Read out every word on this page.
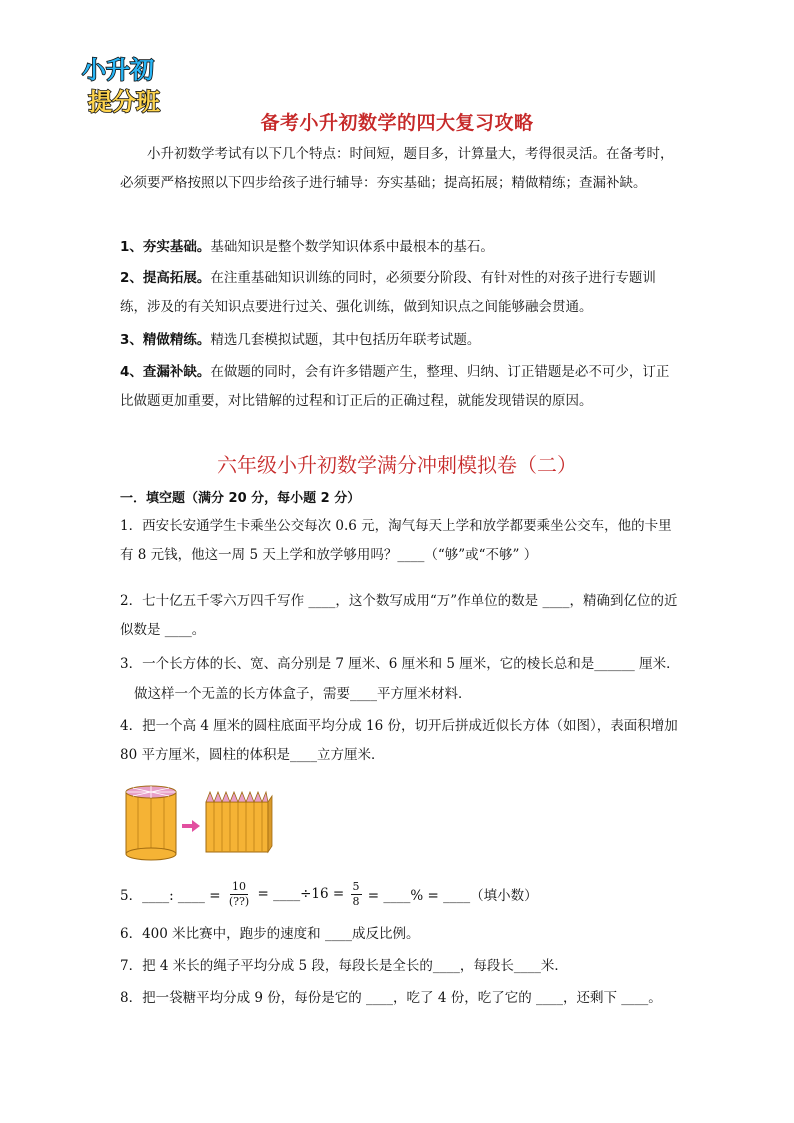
小升初
提分班
备考小升初数学的四大复习攻略

小升初数学考试有以下几个特点：时间短，题目多，计算量大，考得很灵活。在备考时，必须要严格按照以下四步给孩子进行辅导：夯实基础；提高拓展；精做精练；查漏补缺。

1、夯实基础。基础知识是整个数学知识体系中最根本的基石。

2、提高拓展。在注重基础知识训练的同时，必须要分阶段、有针对性的对孩子进行专题训练，涉及的有关知识点要进行过关、强化训练，做到知识点之间能够融会贯通。

3、精做精练。精选几套模拟试题，其中包括历年联考试题。

4、查漏补缺。在做题的同时，会有许多错题产生，整理、归纳、订正错题是必不可少，订正比做题更加重要，对比错解的过程和订正后的正确过程，就能发现错误的原因。

六年级小升初数学满分冲刺模拟卷（二）
一．填空题（满分 20 分，每小题 2 分）

1．西安长安通学生卡乘坐公交每次 0.6 元，淘气每天上学和放学都要乘坐公交车，他的卡里有 8 元钱，他这一周 5 天上学和放学够用吗？____（“够”或“不够” ）

2．七十亿五千零六万四千写作 ____，这个数写成用“万”作单位的数是 ____，精确到亿位的近似数是 ____。

3．一个长方体的长、宽、高分别是 7 厘米、6 厘米和 5 厘米，它的棱长总和是______ 厘米．

做这样一个无盖的长方体盒子，需要____平方厘米材料．

4．把一个高 4 厘米的圆柱底面平均分成 16 份，切开后拼成近似长方体（如图），表面积增加 80 平方厘米，圆柱的体积是____立方厘米．

5．____: ____ = $\frac{10}{(??)}$ = ____÷16 = $\frac{5}{8}$ = ____% = ____（填小数）

6．400 米比赛中，跑步的速度和 ____成反比例。

7．把 4 米长的绳子平均分成 5 段，每段长是全长的____，每段长____米．

8．把一袋糖平均分成 9 份，每份是它的 ____，吃了 4 份，吃了它的 ____，还剩下 ____。
